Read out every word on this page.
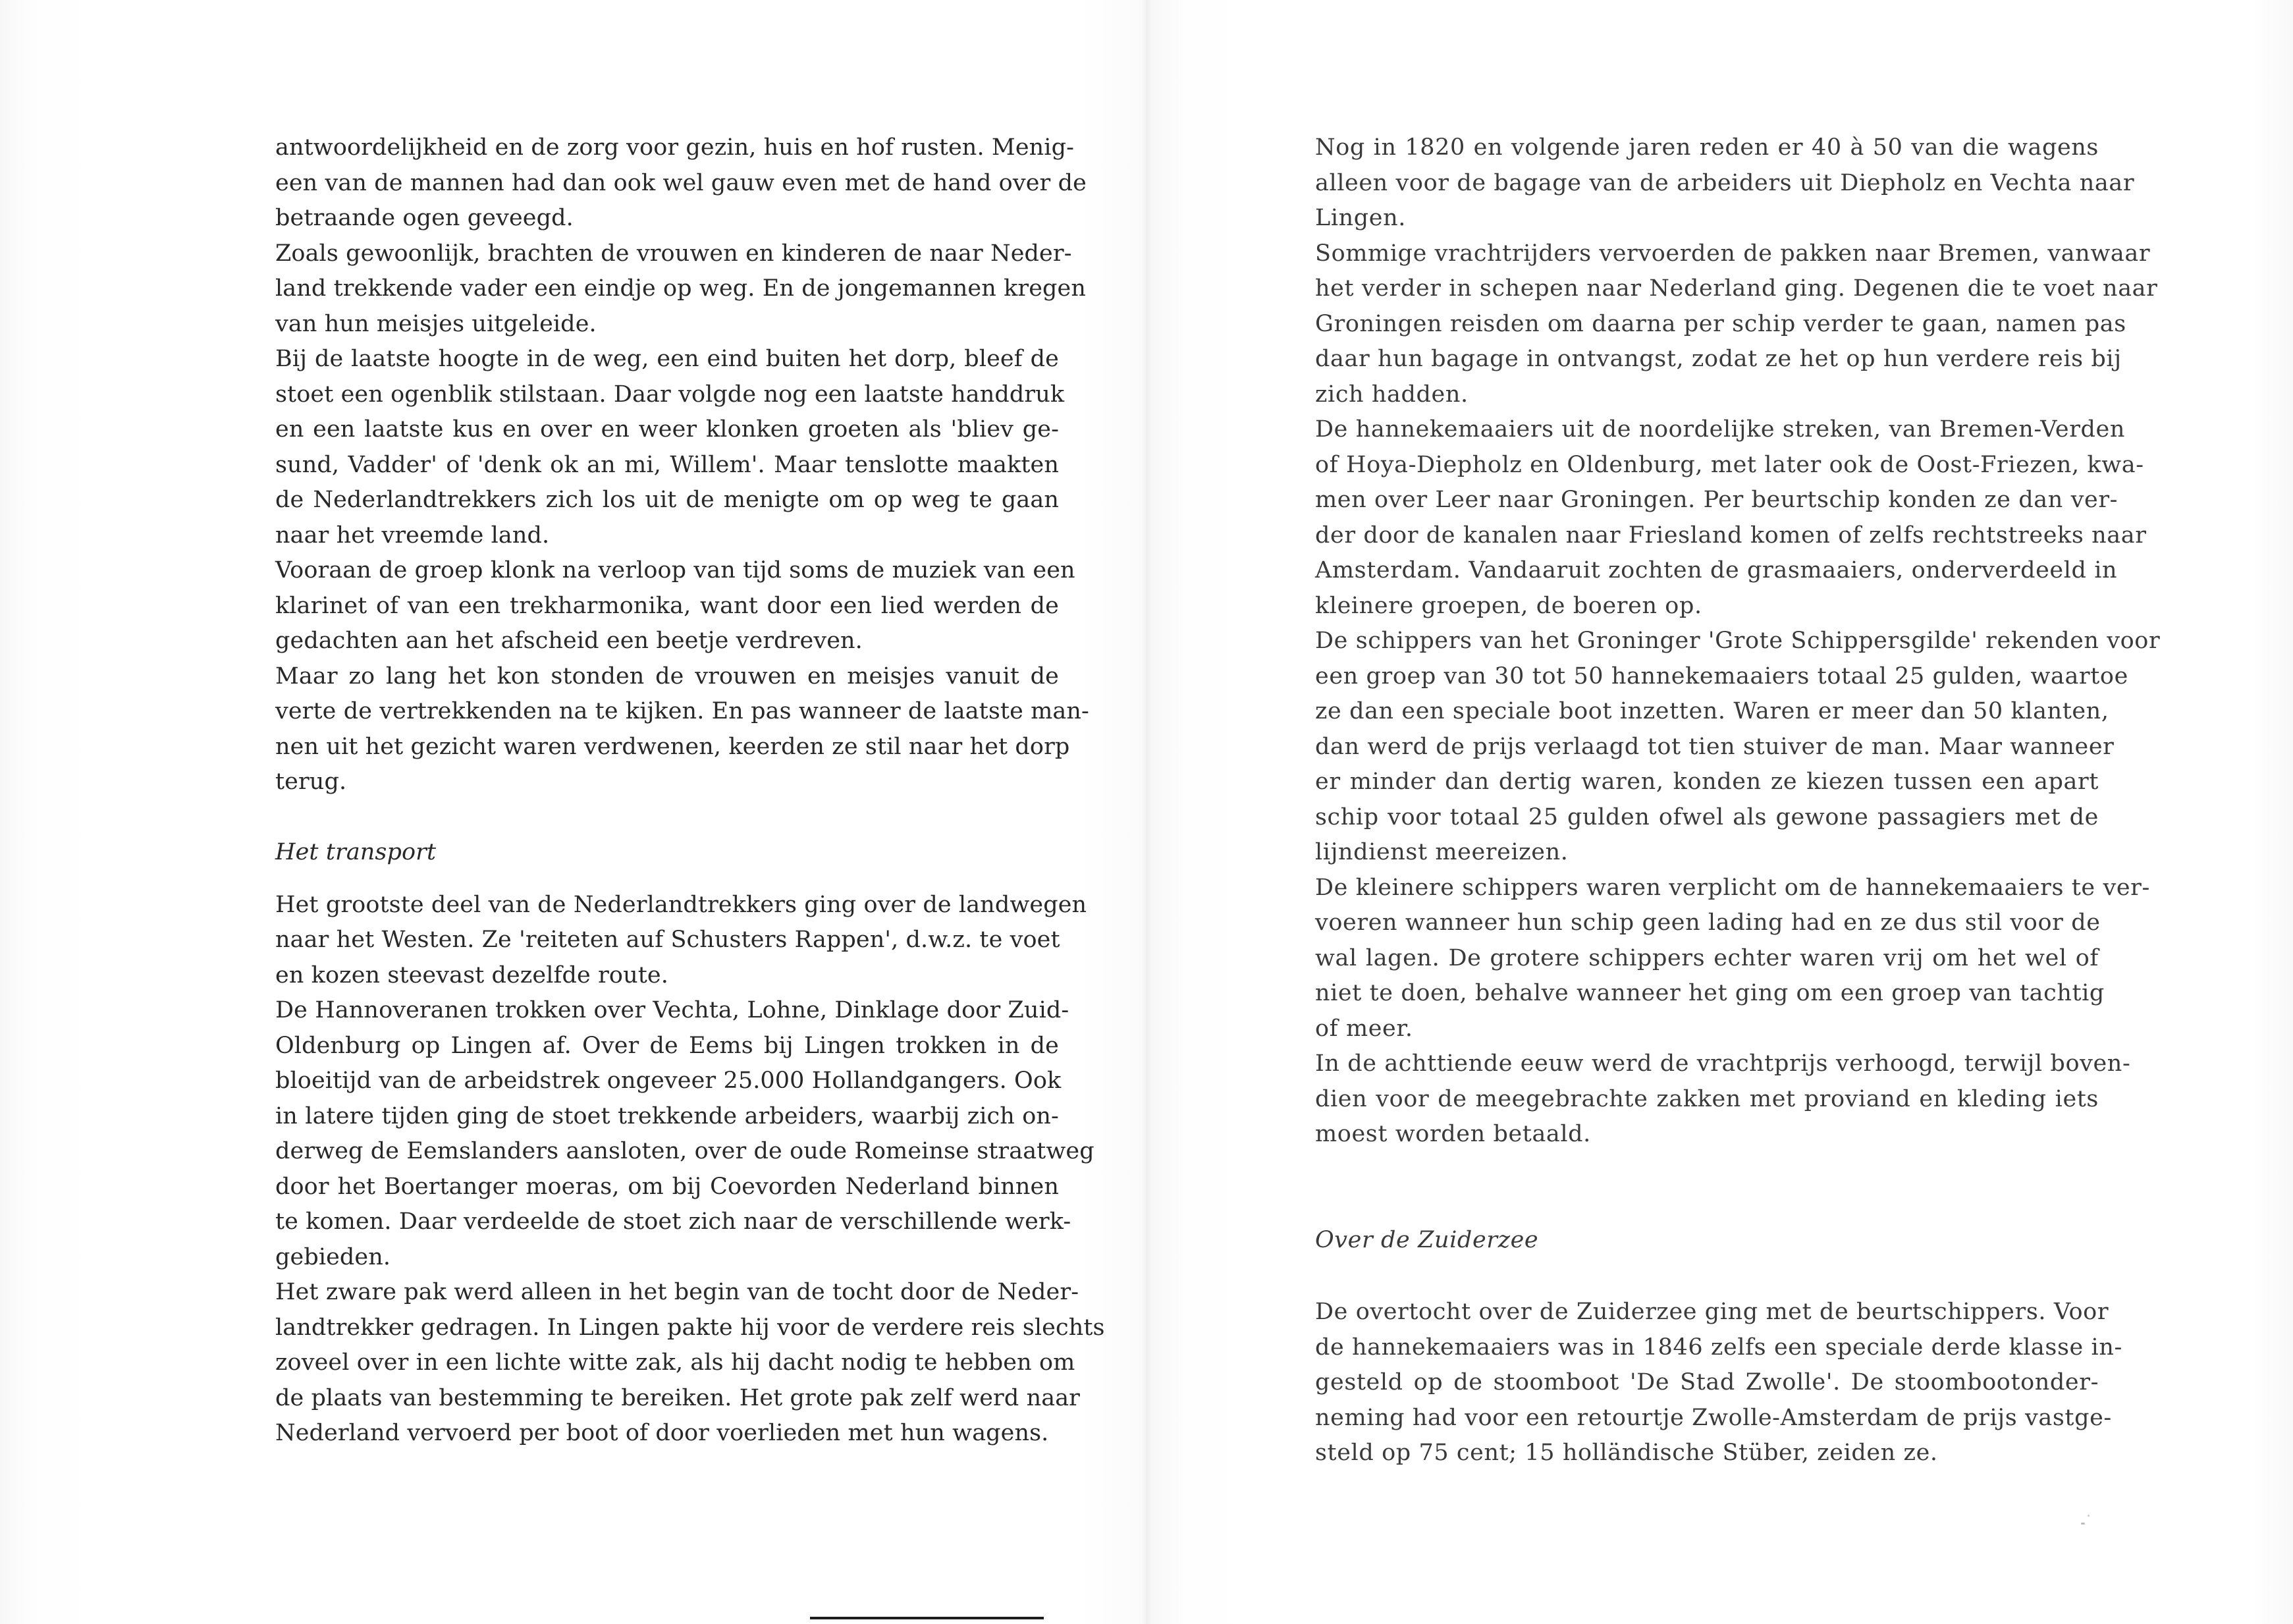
antwoordelijkheid en de zorg voor gezin, huis en hof rusten. Menig-
een van de mannen had dan ook wel gauw even met de hand over de
betraande ogen geveegd.
Zoals gewoonlijk, brachten de vrouwen en kinderen de naar Neder-
land trekkende vader een eindje op weg. En de jongemannen kregen
van hun meisjes uitgeleide.
Bij de laatste hoogte in de weg, een eind buiten het dorp, bleef de
stoet een ogenblik stilstaan. Daar volgde nog een laatste handdruk
en een laatste kus en over en weer klonken groeten als 'bliev ge-
sund, Vadder' of 'denk ok an mi, Willem'. Maar tenslotte maakten
de Nederlandtrekkers zich los uit de menigte om op weg te gaan
naar het vreemde land.
Vooraan de groep klonk na verloop van tijd soms de muziek van een
klarinet of van een trekharmonika, want door een lied werden de
gedachten aan het afscheid een beetje verdreven.
Maar zo lang het kon stonden de vrouwen en meisjes vanuit de
verte de vertrekkenden na te kijken. En pas wanneer de laatste man-
nen uit het gezicht waren verdwenen, keerden ze stil naar het dorp
terug.
Het transport
Het grootste deel van de Nederlandtrekkers ging over de landwegen
naar het Westen. Ze 'reiteten auf Schusters Rappen', d.w.z. te voet
en kozen steevast dezelfde route.
De Hannoveranen trokken over Vechta, Lohne, Dinklage door Zuid-
Oldenburg op Lingen af. Over de Eems bij Lingen trokken in de
bloeitijd van de arbeidstrek ongeveer 25.000 Hollandgangers. Ook
in latere tijden ging de stoet trekkende arbeiders, waarbij zich on-
derweg de Eemslanders aansloten, over de oude Romeinse straatweg
door het Boertanger moeras, om bij Coevorden Nederland binnen
te komen. Daar verdeelde de stoet zich naar de verschillende werk-
gebieden.
Het zware pak werd alleen in het begin van de tocht door de Neder-
landtrekker gedragen. In Lingen pakte hij voor de verdere reis slechts
zoveel over in een lichte witte zak, als hij dacht nodig te hebben om
de plaats van bestemming te bereiken. Het grote pak zelf werd naar
Nederland vervoerd per boot of door voerlieden met hun wagens.
Nog in 1820 en volgende jaren reden er 40 à 50 van die wagens
alleen voor de bagage van de arbeiders uit Diepholz en Vechta naar
Lingen.
Sommige vrachtrijders vervoerden de pakken naar Bremen, vanwaar
het verder in schepen naar Nederland ging. Degenen die te voet naar
Groningen reisden om daarna per schip verder te gaan, namen pas
daar hun bagage in ontvangst, zodat ze het op hun verdere reis bij
zich hadden.
De hannekemaaiers uit de noordelijke streken, van Bremen-Verden
of Hoya-Diepholz en Oldenburg, met later ook de Oost-Friezen, kwa-
men over Leer naar Groningen. Per beurtschip konden ze dan ver-
der door de kanalen naar Friesland komen of zelfs rechtstreeks naar
Amsterdam. Vandaaruit zochten de grasmaaiers, onderverdeeld in
kleinere groepen, de boeren op.
De schippers van het Groninger 'Grote Schippersgilde' rekenden voor
een groep van 30 tot 50 hannekemaaiers totaal 25 gulden, waartoe
ze dan een speciale boot inzetten. Waren er meer dan 50 klanten,
dan werd de prijs verlaagd tot tien stuiver de man. Maar wanneer
er minder dan dertig waren, konden ze kiezen tussen een apart
schip voor totaal 25 gulden ofwel als gewone passagiers met de
lijndienst meereizen.
De kleinere schippers waren verplicht om de hannekemaaiers te ver-
voeren wanneer hun schip geen lading had en ze dus stil voor de
wal lagen. De grotere schippers echter waren vrij om het wel of
niet te doen, behalve wanneer het ging om een groep van tachtig
of meer.
In de achttiende eeuw werd de vrachtprijs verhoogd, terwijl boven-
dien voor de meegebrachte zakken met proviand en kleding iets
moest worden betaald.
Over de Zuiderzee
De overtocht over de Zuiderzee ging met de beurtschippers. Voor
de hannekemaaiers was in 1846 zelfs een speciale derde klasse in-
gesteld op de stoomboot 'De Stad Zwolle'. De stoombootonder-
neming had voor een retourtje Zwolle-Amsterdam de prijs vastge-
steld op 75 cent; 15 holländische Stüber, zeiden ze.
